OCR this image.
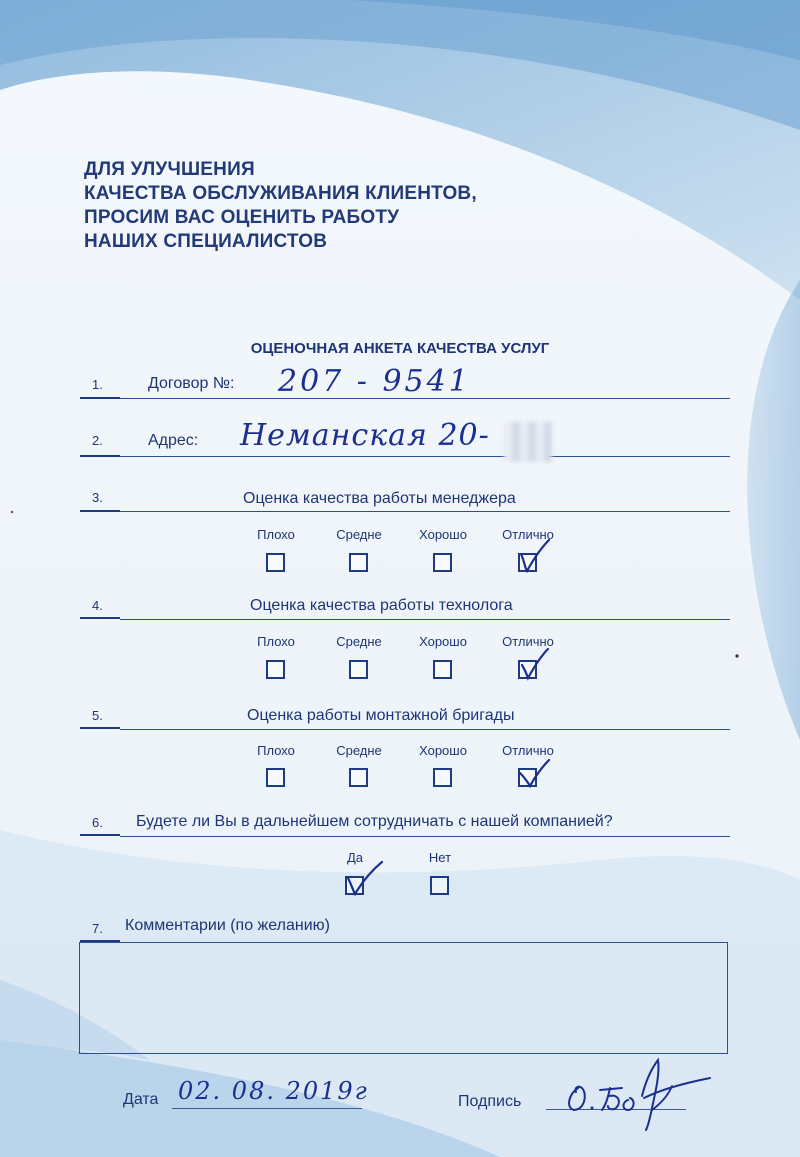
ДЛЯ УЛУЧШЕНИЯ
КАЧЕСТВА ОБСЛУЖИВАНИЯ КЛИЕНТОВ,
ПРОСИМ ВАС ОЦЕНИТЬ РАБОТУ
НАШИХ СПЕЦИАЛИСТОВ
ОЦЕНОЧНАЯ АНКЕТА КАЧЕСТВА УСЛУГ
1.	Договор №: 207 - 9541
2.	Адрес: Неманская 20-
3.	Оценка качества работы менеджера
Плохо	Средне	Хорошо	Отлично
4.	Оценка качества работы технолога
Плохо	Средне	Хорошо	Отлично
5.	Оценка работы монтажной бригады
Плохо	Средне	Хорошо	Отлично
6. Будете ли Вы в дальнейшем сотрудничать с нашей компанией?
Да	Нет
7. Комментарии (по желанию)
Дата 02. 08. 2019г	Подпись
